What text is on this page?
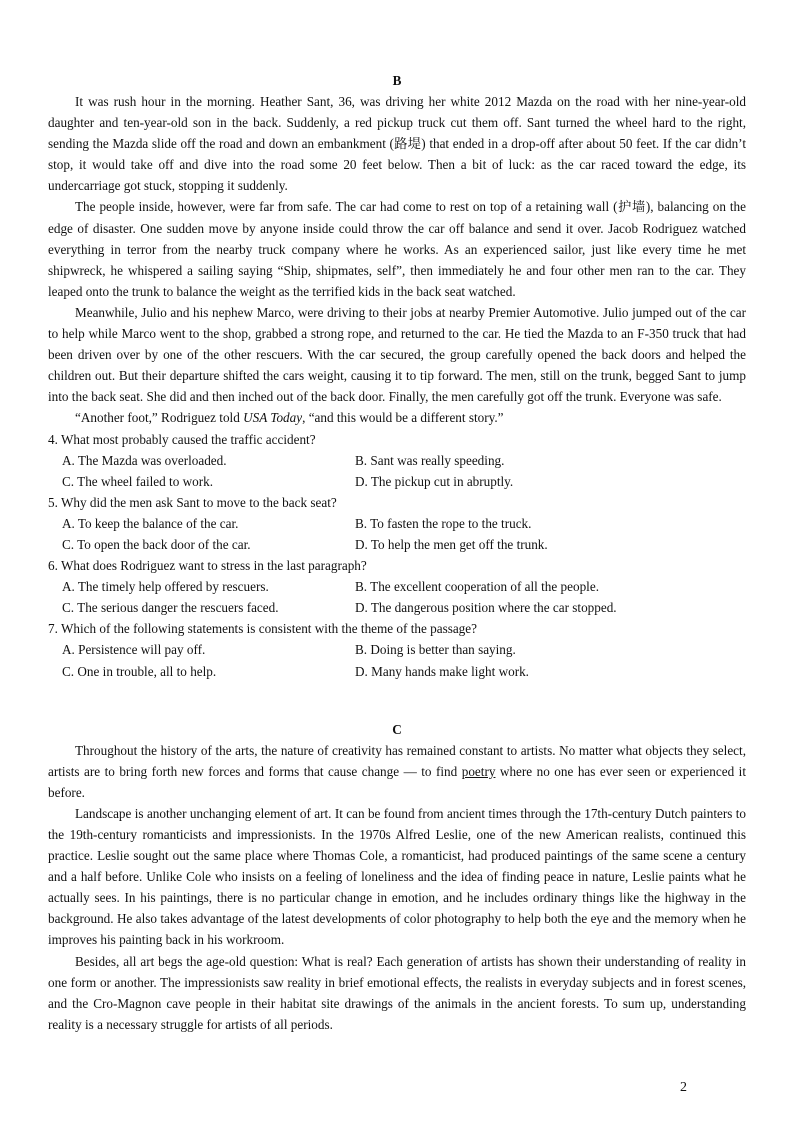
B

It was rush hour in the morning. Heather Sant, 36, was driving her white 2012 Mazda on the road with her nine-year-old daughter and ten-year-old son in the back. Suddenly, a red pickup truck cut them off. Sant turned the wheel hard to the right, sending the Mazda slide off the road and down an embankment (路堤) that ended in a drop-off after about 50 feet. If the car didn’t stop, it would take off and dive into the road some 20 feet below. Then a bit of luck: as the car raced toward the edge, its undercarriage got stuck, stopping it suddenly.

The people inside, however, were far from safe. The car had come to rest on top of a retaining wall (护墙), balancing on the edge of disaster. One sudden move by anyone inside could throw the car off balance and send it over. Jacob Rodriguez watched everything in terror from the nearby truck company where he works. As an experienced sailor, just like every time he met shipwreck, he whispered a sailing saying “Ship, shipmates, self”, then immediately he and four other men ran to the car. They leaped onto the trunk to balance the weight as the terrified kids in the back seat watched.

Meanwhile, Julio and his nephew Marco, were driving to their jobs at nearby Premier Automotive. Julio jumped out of the car to help while Marco went to the shop, grabbed a strong rope, and returned to the car. He tied the Mazda to an F-350 truck that had been driven over by one of the other rescuers. With the car secured, the group carefully opened the back doors and helped the children out. But their departure shifted the cars weight, causing it to tip forward. The men, still on the trunk, begged Sant to jump into the back seat. She did and then inched out of the back door. Finally, the men carefully got off the trunk. Everyone was safe.

“Another foot,” Rodriguez told USA Today, “and this would be a different story.”

4. What most probably caused the traffic accident?
A. The Mazda was overloaded.	B. Sant was really speeding.
C. The wheel failed to work.	D. The pickup cut in abruptly.
5. Why did the men ask Sant to move to the back seat?
A. To keep the balance of the car.	B. To fasten the rope to the truck.
C. To open the back door of the car.	D. To help the men get off the trunk.
6. What does Rodriguez want to stress in the last paragraph?
A. The timely help offered by rescuers.	B. The excellent cooperation of all the people.
C. The serious danger the rescuers faced.	D. The dangerous position where the car stopped.
7. Which of the following statements is consistent with the theme of the passage?
A. Persistence will pay off.	B. Doing is better than saying.
C. One in trouble, all to help.	D. Many hands make light work.
C

Throughout the history of the arts, the nature of creativity has remained constant to artists. No matter what objects they select, artists are to bring forth new forces and forms that cause change — to find poetry where no one has ever seen or experienced it before.

Landscape is another unchanging element of art. It can be found from ancient times through the 17th-century Dutch painters to the 19th-century romanticists and impressionists. In the 1970s Alfred Leslie, one of the new American realists, continued this practice. Leslie sought out the same place where Thomas Cole, a romanticist, had produced paintings of the same scene a century and a half before. Unlike Cole who insists on a feeling of loneliness and the idea of finding peace in nature, Leslie paints what he actually sees. In his paintings, there is no particular change in emotion, and he includes ordinary things like the highway in the background. He also takes advantage of the latest developments of color photography to help both the eye and the memory when he improves his painting back in his workroom.

Besides, all art begs the age-old question: What is real? Each generation of artists has shown their understanding of reality in one form or another. The impressionists saw reality in brief emotional effects, the realists in everyday subjects and in forest scenes, and the Cro-Magnon cave people in their habitat site drawings of the animals in the ancient forests. To sum up, understanding reality is a necessary struggle for artists of all periods.

2
